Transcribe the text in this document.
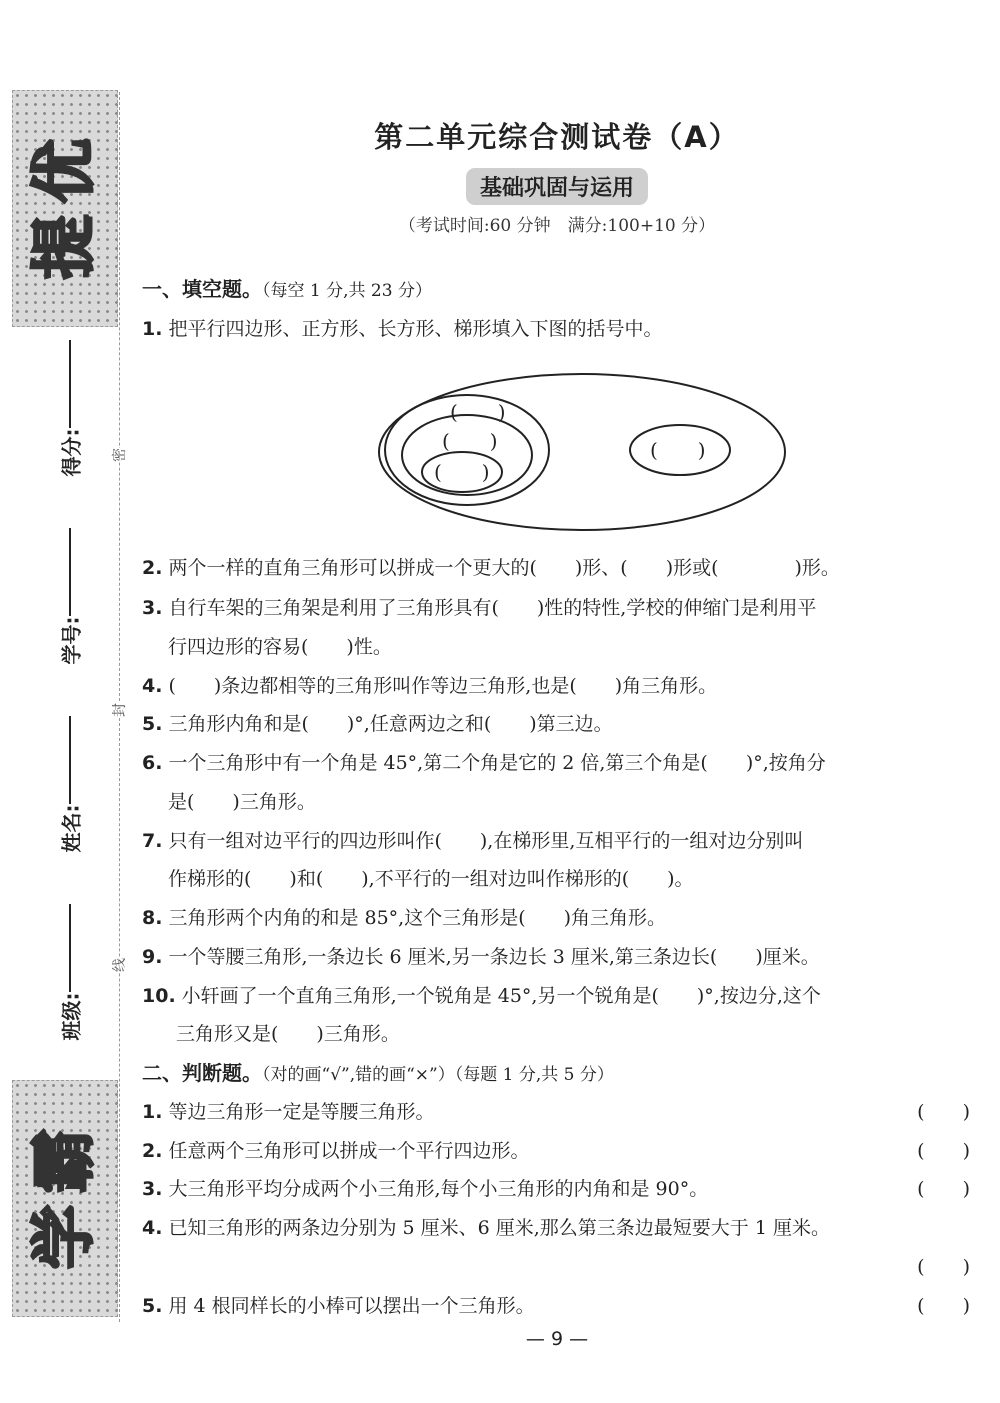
优
提
霸
学
密
封
线
得分:
学号:
姓名:
班级:
第二单元综合测试卷（A）
基础巩固与运用
（考试时间:60 分钟　满分:100+10 分）
一、填空题。（每空 1 分,共 23 分）
1. 把平行四边形、正方形、长方形、梯形填入下图的括号中。
(　　)
(　　)
(　　)
(　　)
2. 两个一样的直角三角形可以拼成一个更大的(　　)形、(　　)形或(　　　　)形。
3. 自行车架的三角架是利用了三角形具有(　　)性的特性,学校的伸缩门是利用平
行四边形的容易(　　)性。
4. (　　)条边都相等的三角形叫作等边三角形,也是(　　)角三角形。
5. 三角形内角和是(　　)°,任意两边之和(　　)第三边。
6. 一个三角形中有一个角是 45°,第二个角是它的 2 倍,第三个角是(　　)°,按角分
是(　　)三角形。
7. 只有一组对边平行的四边形叫作(　　),在梯形里,互相平行的一组对边分别叫
作梯形的(　　)和(　　),不平行的一组对边叫作梯形的(　　)。
8. 三角形两个内角的和是 85°,这个三角形是(　　)角三角形。
9. 一个等腰三角形,一条边长 6 厘米,另一条边长 3 厘米,第三条边长(　　)厘米。
10. 小轩画了一个直角三角形,一个锐角是 45°,另一个锐角是(　　)°,按边分,这个
三角形又是(　　)三角形。
二、判断题。（对的画“√”,错的画“×”）（每题 1 分,共 5 分）
1. 等边三角形一定是等腰三角形。	(　　)
2. 任意两个三角形可以拼成一个平行四边形。	(　　)
3. 大三角形平均分成两个小三角形,每个小三角形的内角和是 90°。	(　　)
4. 已知三角形的两条边分别为 5 厘米、6 厘米,那么第三条边最短要大于 1 厘米。
(　　)
5. 用 4 根同样长的小棒可以摆出一个三角形。	(　　)
— 9 —
